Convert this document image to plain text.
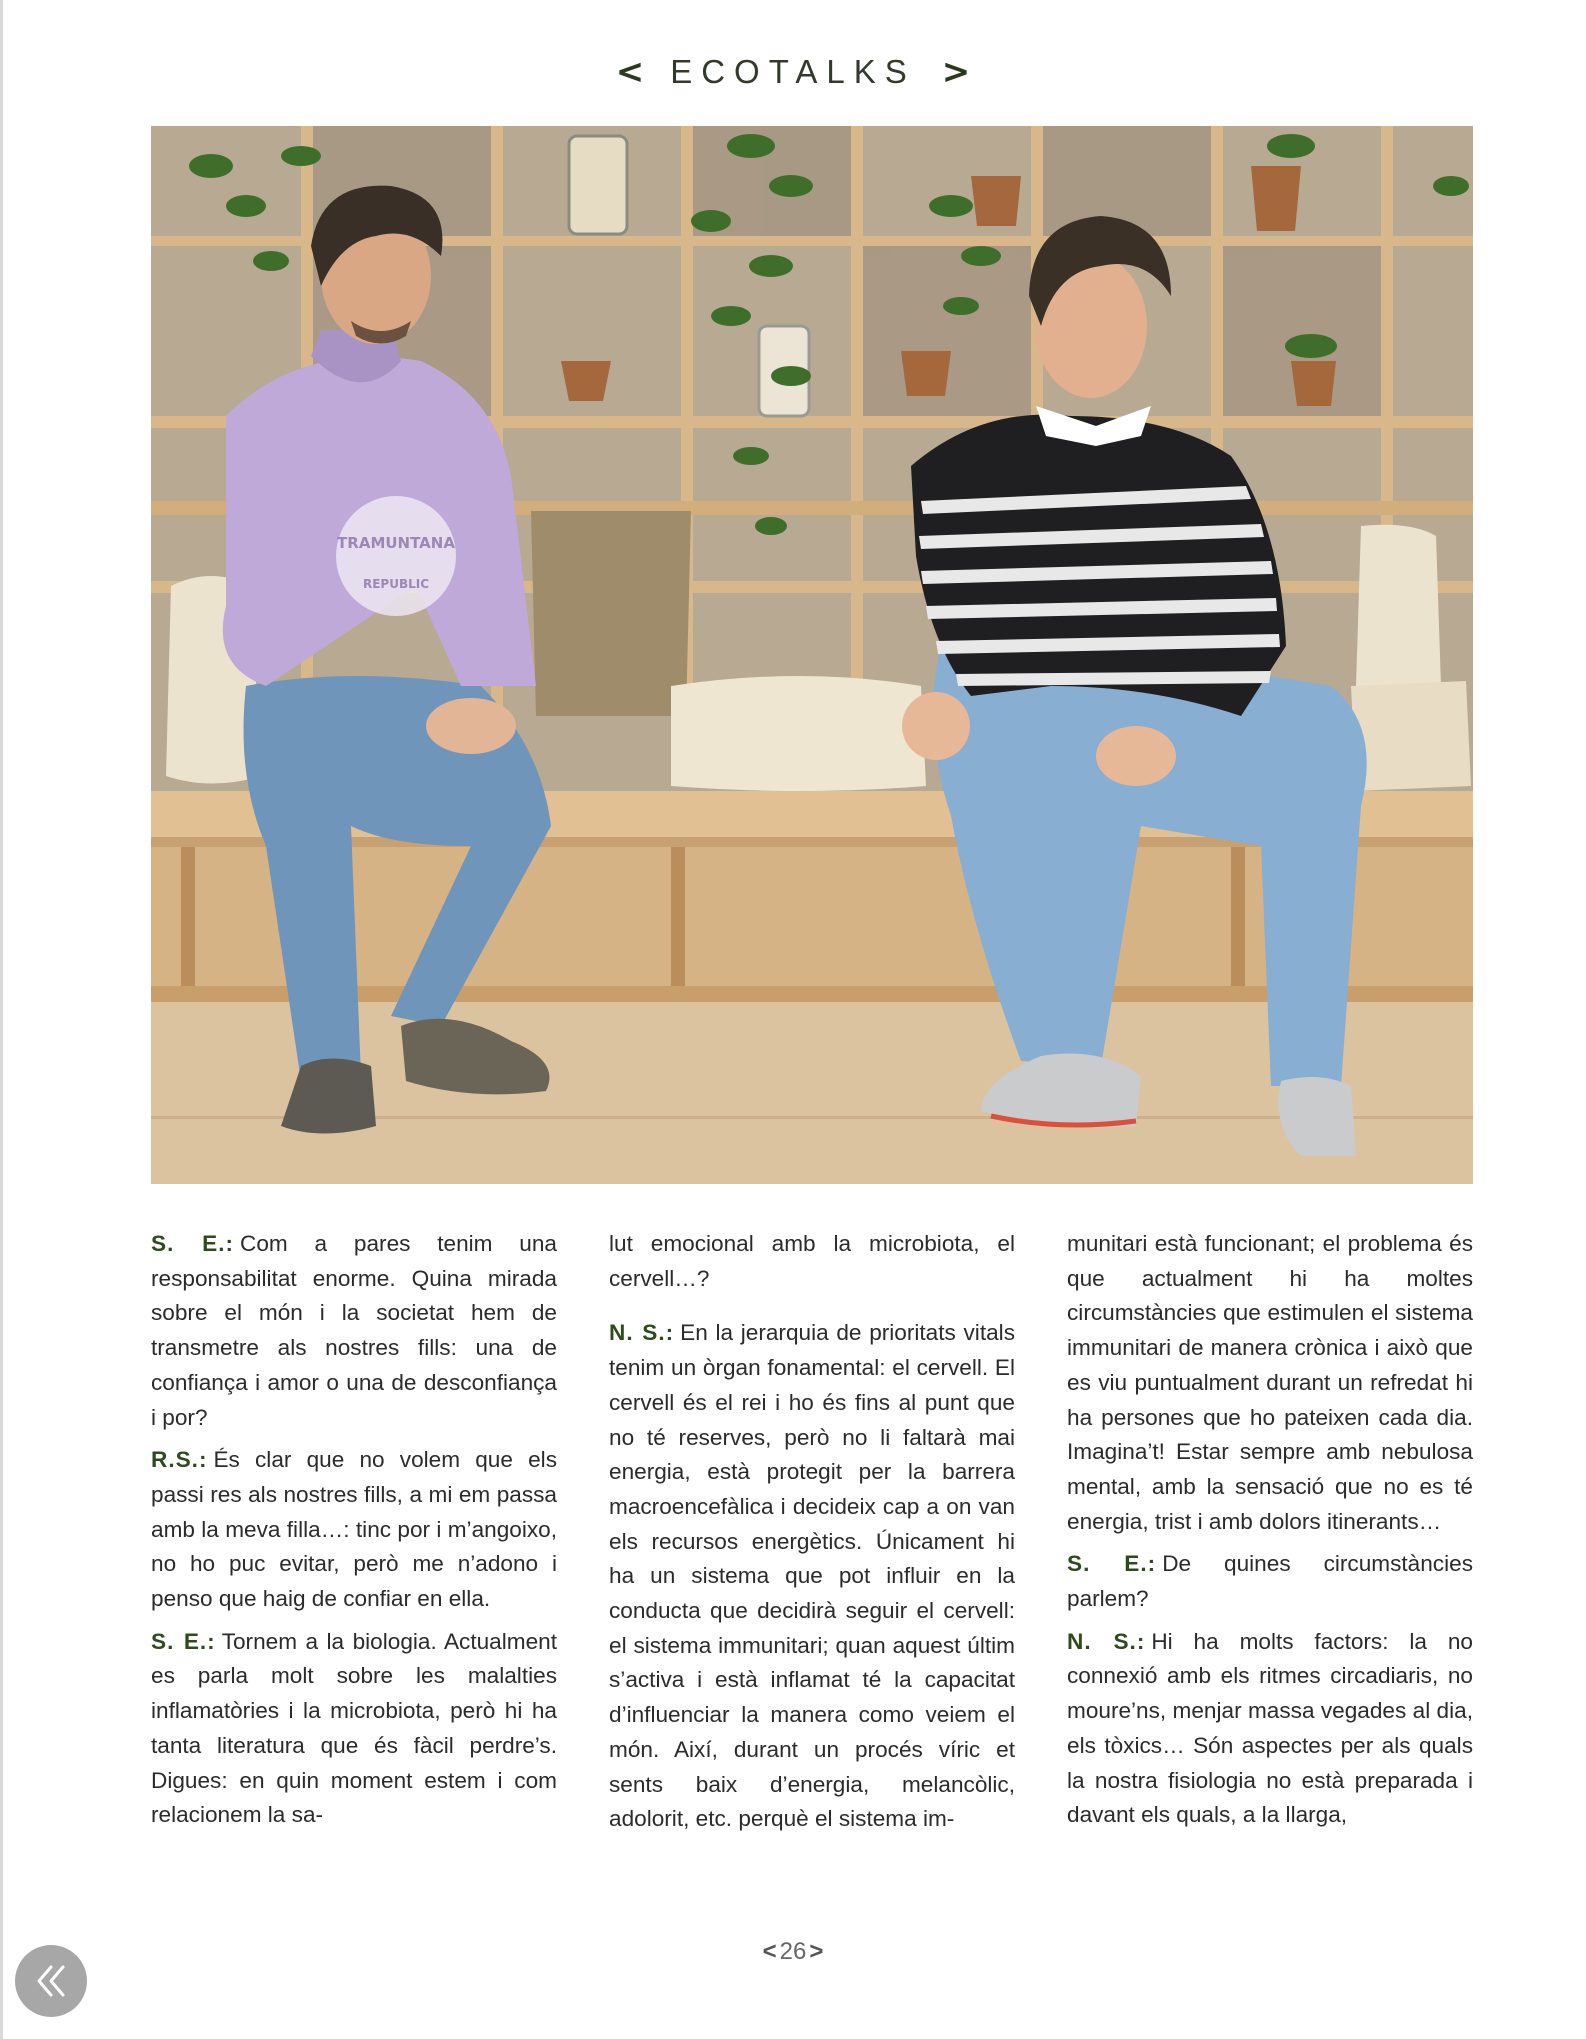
< ECOTALKS >
TRAMUNTANA
REPUBLIC

S. E.: Com a pares tenim una responsabilitat enorme. Quina mirada sobre el món i la societat hem de transmetre als nostres fills: una de confiança i amor o una de desconfiança i por?

R.S.: És clar que no volem que els passi res als nostres fills, a mi em passa amb la meva filla…: tinc por i m’angoixo, no ho puc evitar, però me n’adono i penso que haig de confiar en ella.

S. E.: Tornem a la biologia. Actualment es parla molt sobre les malalties inflamatòries i la microbiota, però hi ha tanta literatura que és fàcil perdre’s. Digues: en quin moment estem i com relacionem la sa-

lut emocional amb la microbiota, el cervell…?

N. S.: En la jerarquia de prioritats vitals tenim un òrgan fonamental: el cervell. El cervell és el rei i ho és fins al punt que no té reserves, però no li faltarà mai energia, està protegit per la barrera macroencefàlica i decideix cap a on van els recursos energètics. Únicament hi ha un sistema que pot influir en la conducta que decidirà seguir el cervell: el sistema immunitari; quan aquest últim s’activa i està inflamat té la capacitat d’influenciar la manera como veiem el món. Així, durant un procés víric et sents baix d’energia, melancòlic, adolorit, etc. perquè el sistema im-

munitari està funcionant; el problema és que actualment hi ha moltes circumstàncies que estimulen el sistema immunitari de manera crònica i això que es viu puntualment durant un refredat hi ha persones que ho pateixen cada dia. Imagina’t! Estar sempre amb nebulosa mental, amb la sensació que no es té energia, trist i amb dolors itinerants…

S. E.: De quines circumstàncies parlem?

N. S.: Hi ha molts factors: la no connexió amb els ritmes circadiaris, no moure’ns, menjar massa vegades al dia, els tòxics… Són aspectes per als quals la nostra fisiologia no està preparada i davant els quals, a la llarga,

< 26 >
